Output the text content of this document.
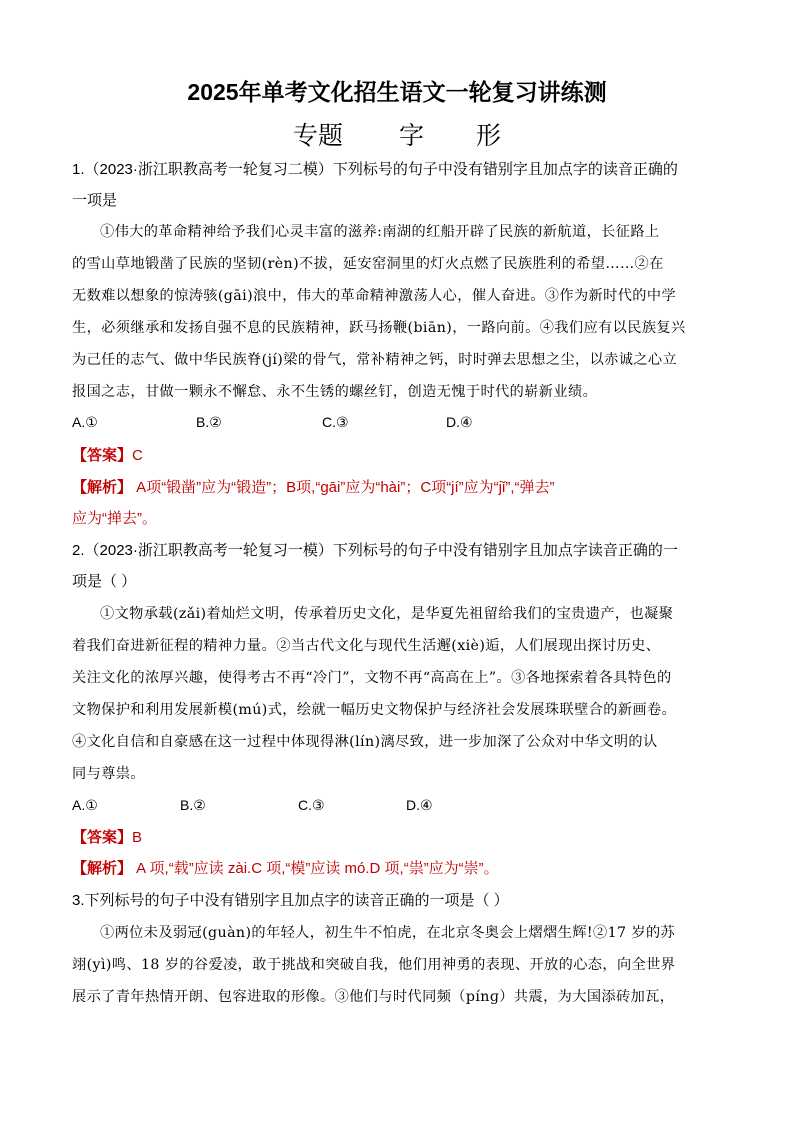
2025年单考文化招生语文一轮复习讲练测
专题 字 形
1.（2023·浙江职教高考一轮复习二模）下列标号的句子中没有错别字且加点字的读音正确的
一项是
①伟大的革命精神给予我们心灵丰富的滋养:南湖的红船开辟了民族的新航道，长征路上
的雪山草地锻凿了民族的坚韧(rèn)不拔，延安窑洞里的灯火点燃了民族胜利的希望……②在
无数难以想象的惊涛骇(gāi)浪中，伟大的革命精神激荡人心，催人奋进。③作为新时代的中学
生，必须继承和发扬自强不息的民族精神，跃马扬鞭(biān)，一路向前。④我们应有以民族复兴
为己任的志气、做中华民族脊(jí)梁的骨气，常补精神之钙，时时弹去思想之尘，以赤诚之心立
报国之志，甘做一颗永不懈怠、永不生锈的螺丝钉，创造无愧于时代的崭新业绩。
A.①	B.②	C.③	D.④
【答案】C
【解析】 A项“锻凿”应为“锻造”；B项,“gāi”应为“hài”；C项“jí”应为“jǐ”,“弹去”
应为“掸去”。
2.（2023·浙江职教高考一轮复习一模）下列标号的句子中没有错别字且加点字读音正确的一
项是（ ）
①文物承载(zǎi)着灿烂文明，传承着历史文化，是华夏先祖留给我们的宝贵遗产，也凝聚
着我们奋进新征程的精神力量。②当古代文化与现代生活邂(xiè)逅，人们展现出探讨历史、
关注文化的浓厚兴趣，使得考古不再“冷门”，文物不再“高高在上”。③各地探索着各具特色的
文物保护和利用发展新模(mú)式，绘就一幅历史文物保护与经济社会发展珠联壁合的新画卷。
④文化自信和自豪感在这一过程中体现得淋(lín)漓尽致，进一步加深了公众对中华文明的认
同与尊祟。
A.①	B.②	C.③	D.④
【答案】B
【解析】 A 项,“载”应读 zài.C 项,“模”应读 mó.D 项,“祟”应为“崇”。
3.下列标号的句子中没有错别字且加点字的读音正确的一项是（ ）
①两位未及弱冠(guàn)的年轻人，初生牛不怕虎，在北京冬奥会上熠熠生辉!②17 岁的苏
翊(yì)鸣、18 岁的谷爱凌，敢于挑战和突破自我，他们用神勇的表现、开放的心态，向全世界
展示了青年热情开朗、包容进取的形像。③他们与时代同频（pínɡ）共震，为大国添砖加瓦，
